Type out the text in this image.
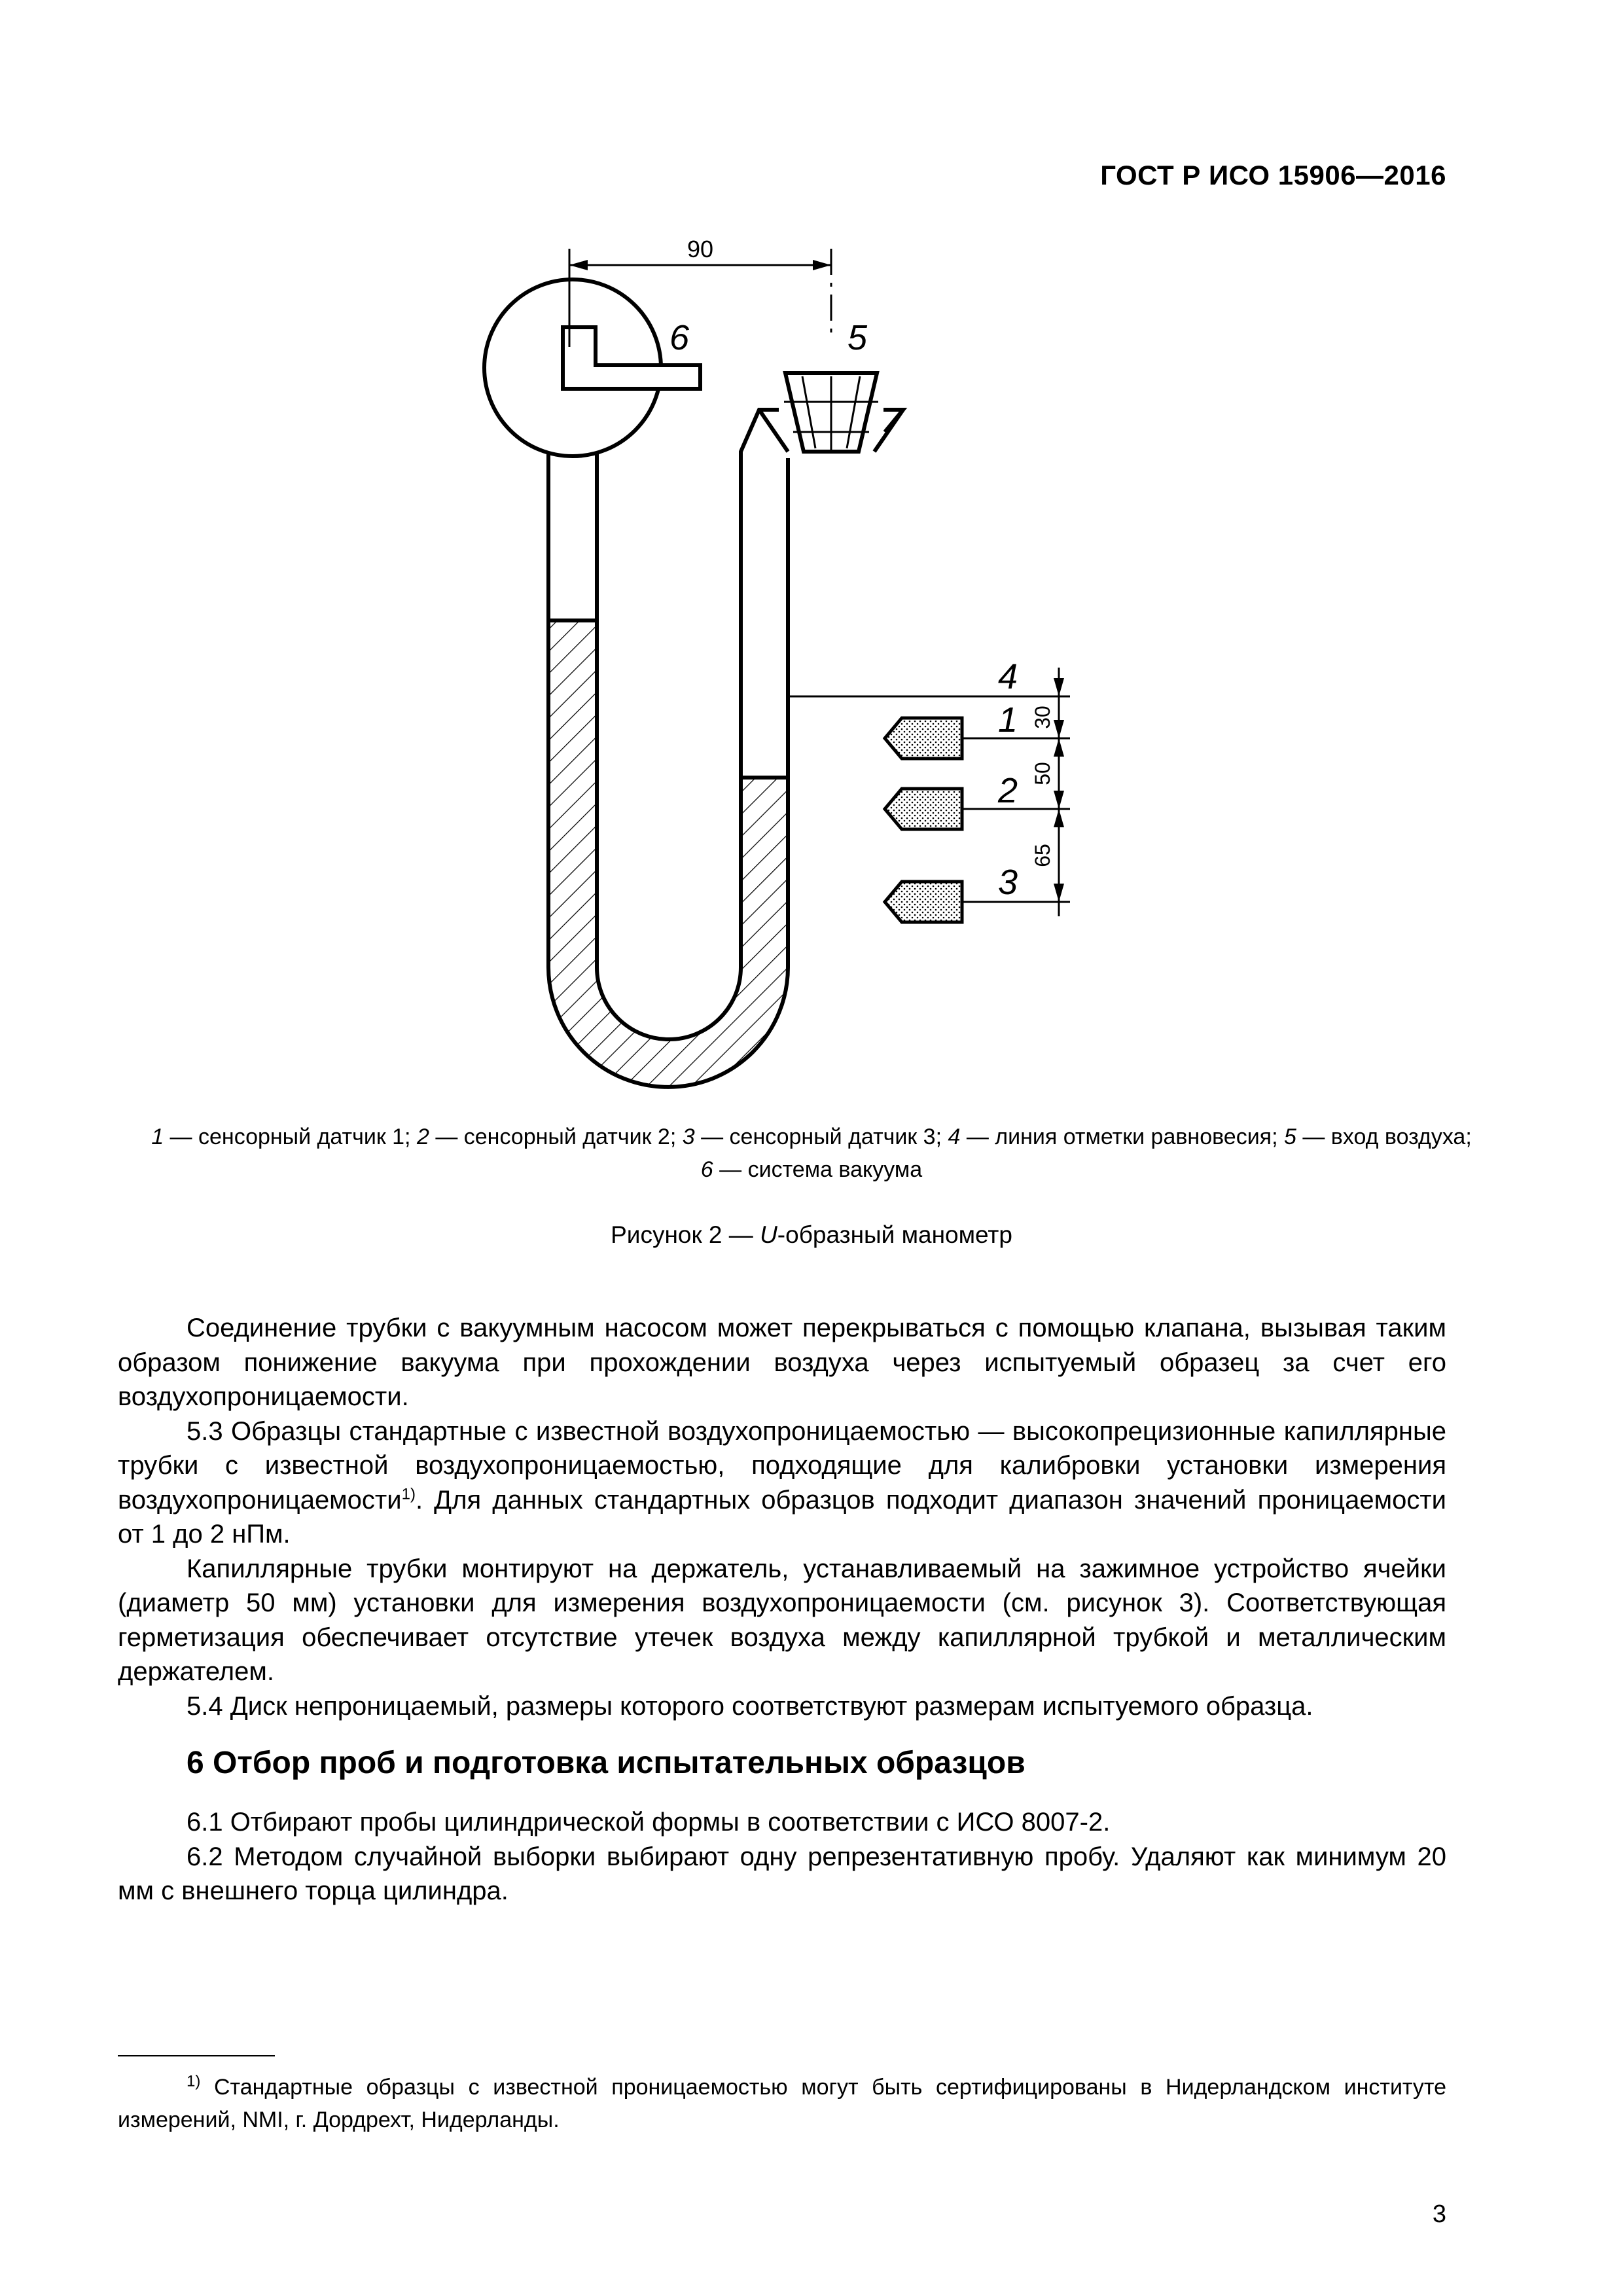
ГОСТ Р ИСО 15906—2016
90
6	5
4
1
2
3
30
50
65
1 — сенсорный датчик 1; 2 — сенсорный датчик 2; 3 — сенсорный датчик 3; 4 — линия отметки равновесия; 5 — вход воздуха;
6 — система вакуума
Рисунок 2 — U-образный манометр

Соединение трубки с вакуумным насосом может перекрываться с помощью клапана, вызывая таким образом понижение вакуума при прохождении воздуха через испытуемый образец за счет его воздухопроницаемости.

5.3 Образцы стандартные с известной воздухопроницаемостью — высокопрецизионные капиллярные трубки с известной воздухопроницаемостью, подходящие для калибровки установки измерения воздухопроницаемости$^{1)}$. Для данных стандартных образцов подходит диапазон значений проницаемости от 1 до 2 нПм.

Капиллярные трубки монтируют на держатель, устанавливаемый на зажимное устройство ячейки (диаметр 50 мм) установки для измерения воздухопроницаемости (см. рисунок 3). Соответствующая герметизация обеспечивает отсутствие утечек воздуха между капиллярной трубкой и металлическим держателем.

5.4 Диск непроницаемый, размеры которого соответствуют размерам испытуемого образца.

6 Отбор проб и подготовка испытательных образцов

6.1 Отбирают пробы цилиндрической формы в соответствии с ИСО 8007-2.

6.2 Методом случайной выборки выбирают одну репрезентативную пробу. Удаляют как минимум 20 мм с внешнего торца цилиндра.

$^{1)}$ Стандартные образцы с известной проницаемостью могут быть сертифицированы в Нидерландском институте измерений, NMI, г. Дордрехт, Нидерланды.
3
